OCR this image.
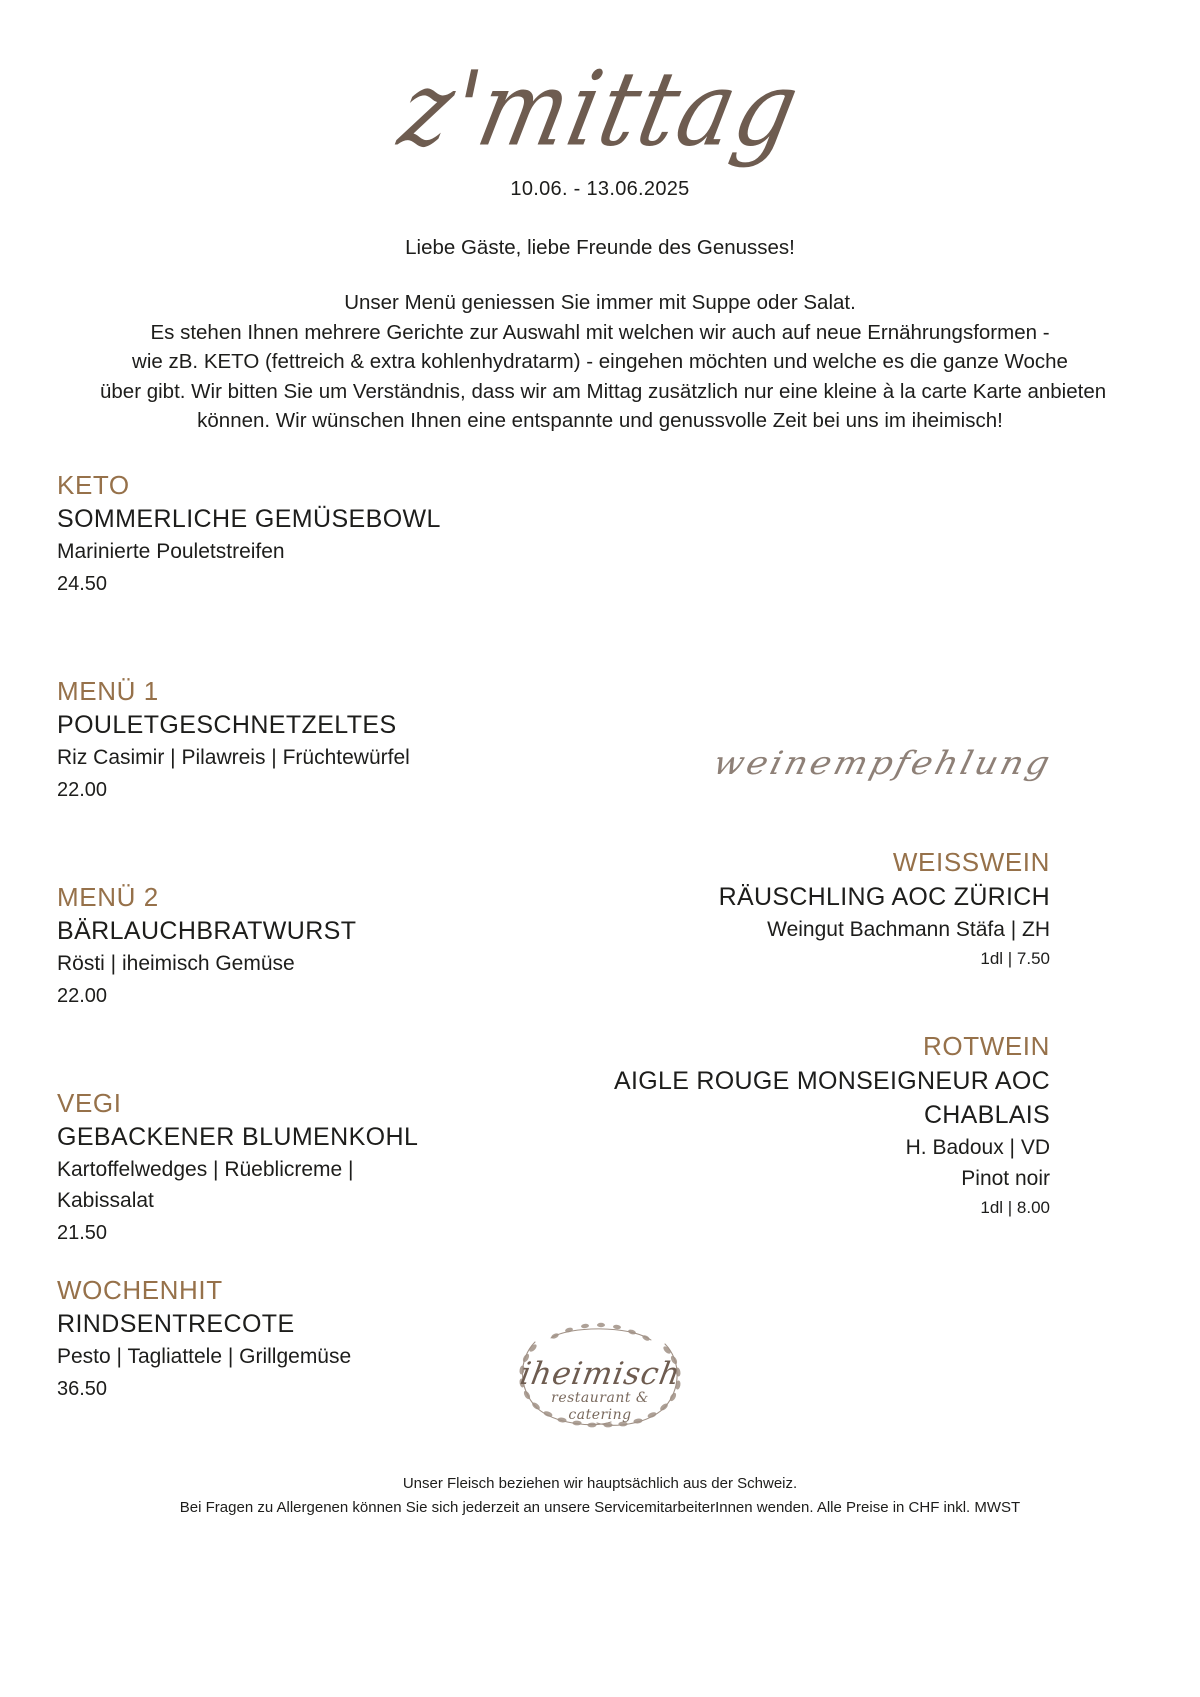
z'mittag
10.06. - 13.06.2025
Liebe Gäste, liebe Freunde des Genusses!
Unser Menü geniessen Sie immer mit Suppe oder Salat.
Es stehen Ihnen mehrere Gerichte zur Auswahl mit welchen wir auch auf neue Ernährungsformen -
wie zB. KETO (fettreich & extra kohlenhydratarm) - eingehen möchten und welche es die ganze Woche
über gibt. Wir bitten Sie um Verständnis, dass wir am Mittag zusätzlich nur eine kleine à la carte Karte anbieten
können. Wir wünschen Ihnen eine entspannte und genussvolle Zeit bei uns im iheimisch!
KETO
SOMMERLICHE GEMÜSEBOWL
Marinierte Pouletstreifen
24.50
MENÜ 1
POULETGESCHNETZELTES
Riz Casimir | Pilawreis | Früchtewürfel
22.00
MENÜ 2
BÄRLAUCHBRATWURST
Rösti | iheimisch Gemüse
22.00
VEGI
GEBACKENER BLUMENKOHL
Kartoffelwedges | Rüeblicreme |
Kabissalat
21.50
WOCHENHIT
RINDSENTRECOTE
Pesto | Tagliattele | Grillgemüse
36.50
weinempfehlung
WEISSWEIN
RÄUSCHLING AOC ZÜRICH
Weingut Bachmann Stäfa | ZH
1dl | 7.50
ROTWEIN
AIGLE ROUGE MONSEIGNEUR AOC
CHABLAIS
H. Badoux | VD
Pinot noir
1dl | 8.00
iheimisch
restaurant &
catering
Unser Fleisch beziehen wir hauptsächlich aus der Schweiz.
Bei Fragen zu Allergenen können Sie sich jederzeit an unsere ServicemitarbeiterInnen wenden. Alle Preise in CHF inkl. MWST
